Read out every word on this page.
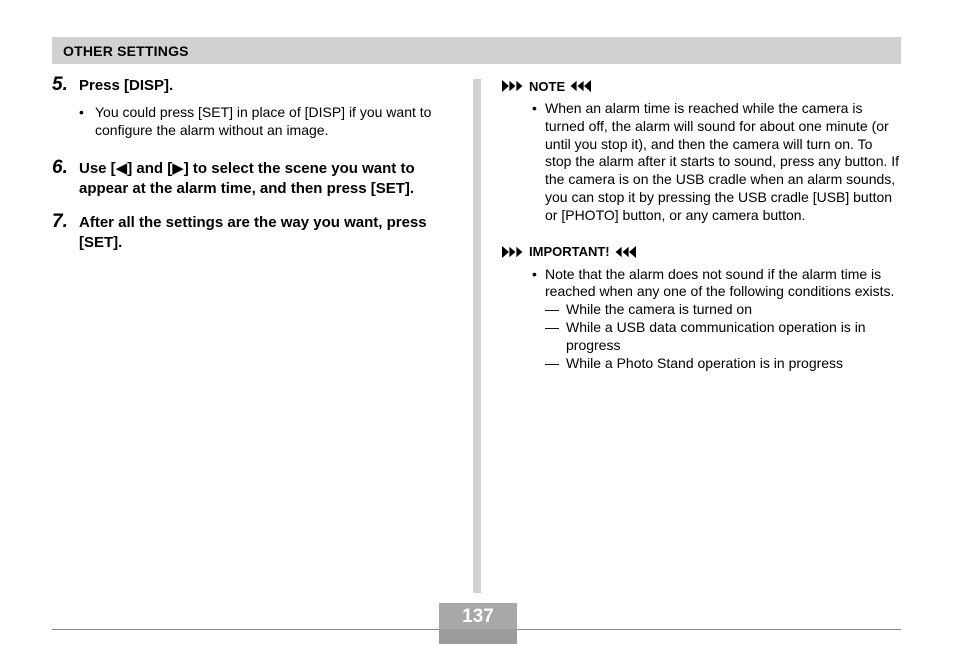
OTHER SETTINGS
5. Press [DISP].
• You could press [SET] in place of [DISP] if you want to configure the alarm without an image.
6. Use [◀] and [▶] to select the scene you want to appear at the alarm time, and then press [SET].
7. After all the settings are the way you want, press [SET].
NOTE
• When an alarm time is reached while the camera is turned off, the alarm will sound for about one minute (or until you stop it), and then the camera will turn on. To stop the alarm after it starts to sound, press any button. If the camera is on the USB cradle when an alarm sounds, you can stop it by pressing the USB cradle [USB] button or [PHOTO] button, or any camera button.
IMPORTANT!
• Note that the alarm does not sound if the alarm time is reached when any one of the following conditions exists.
— While the camera is turned on
— While a USB data communication operation is in progress
— While a Photo Stand operation is in progress
137
